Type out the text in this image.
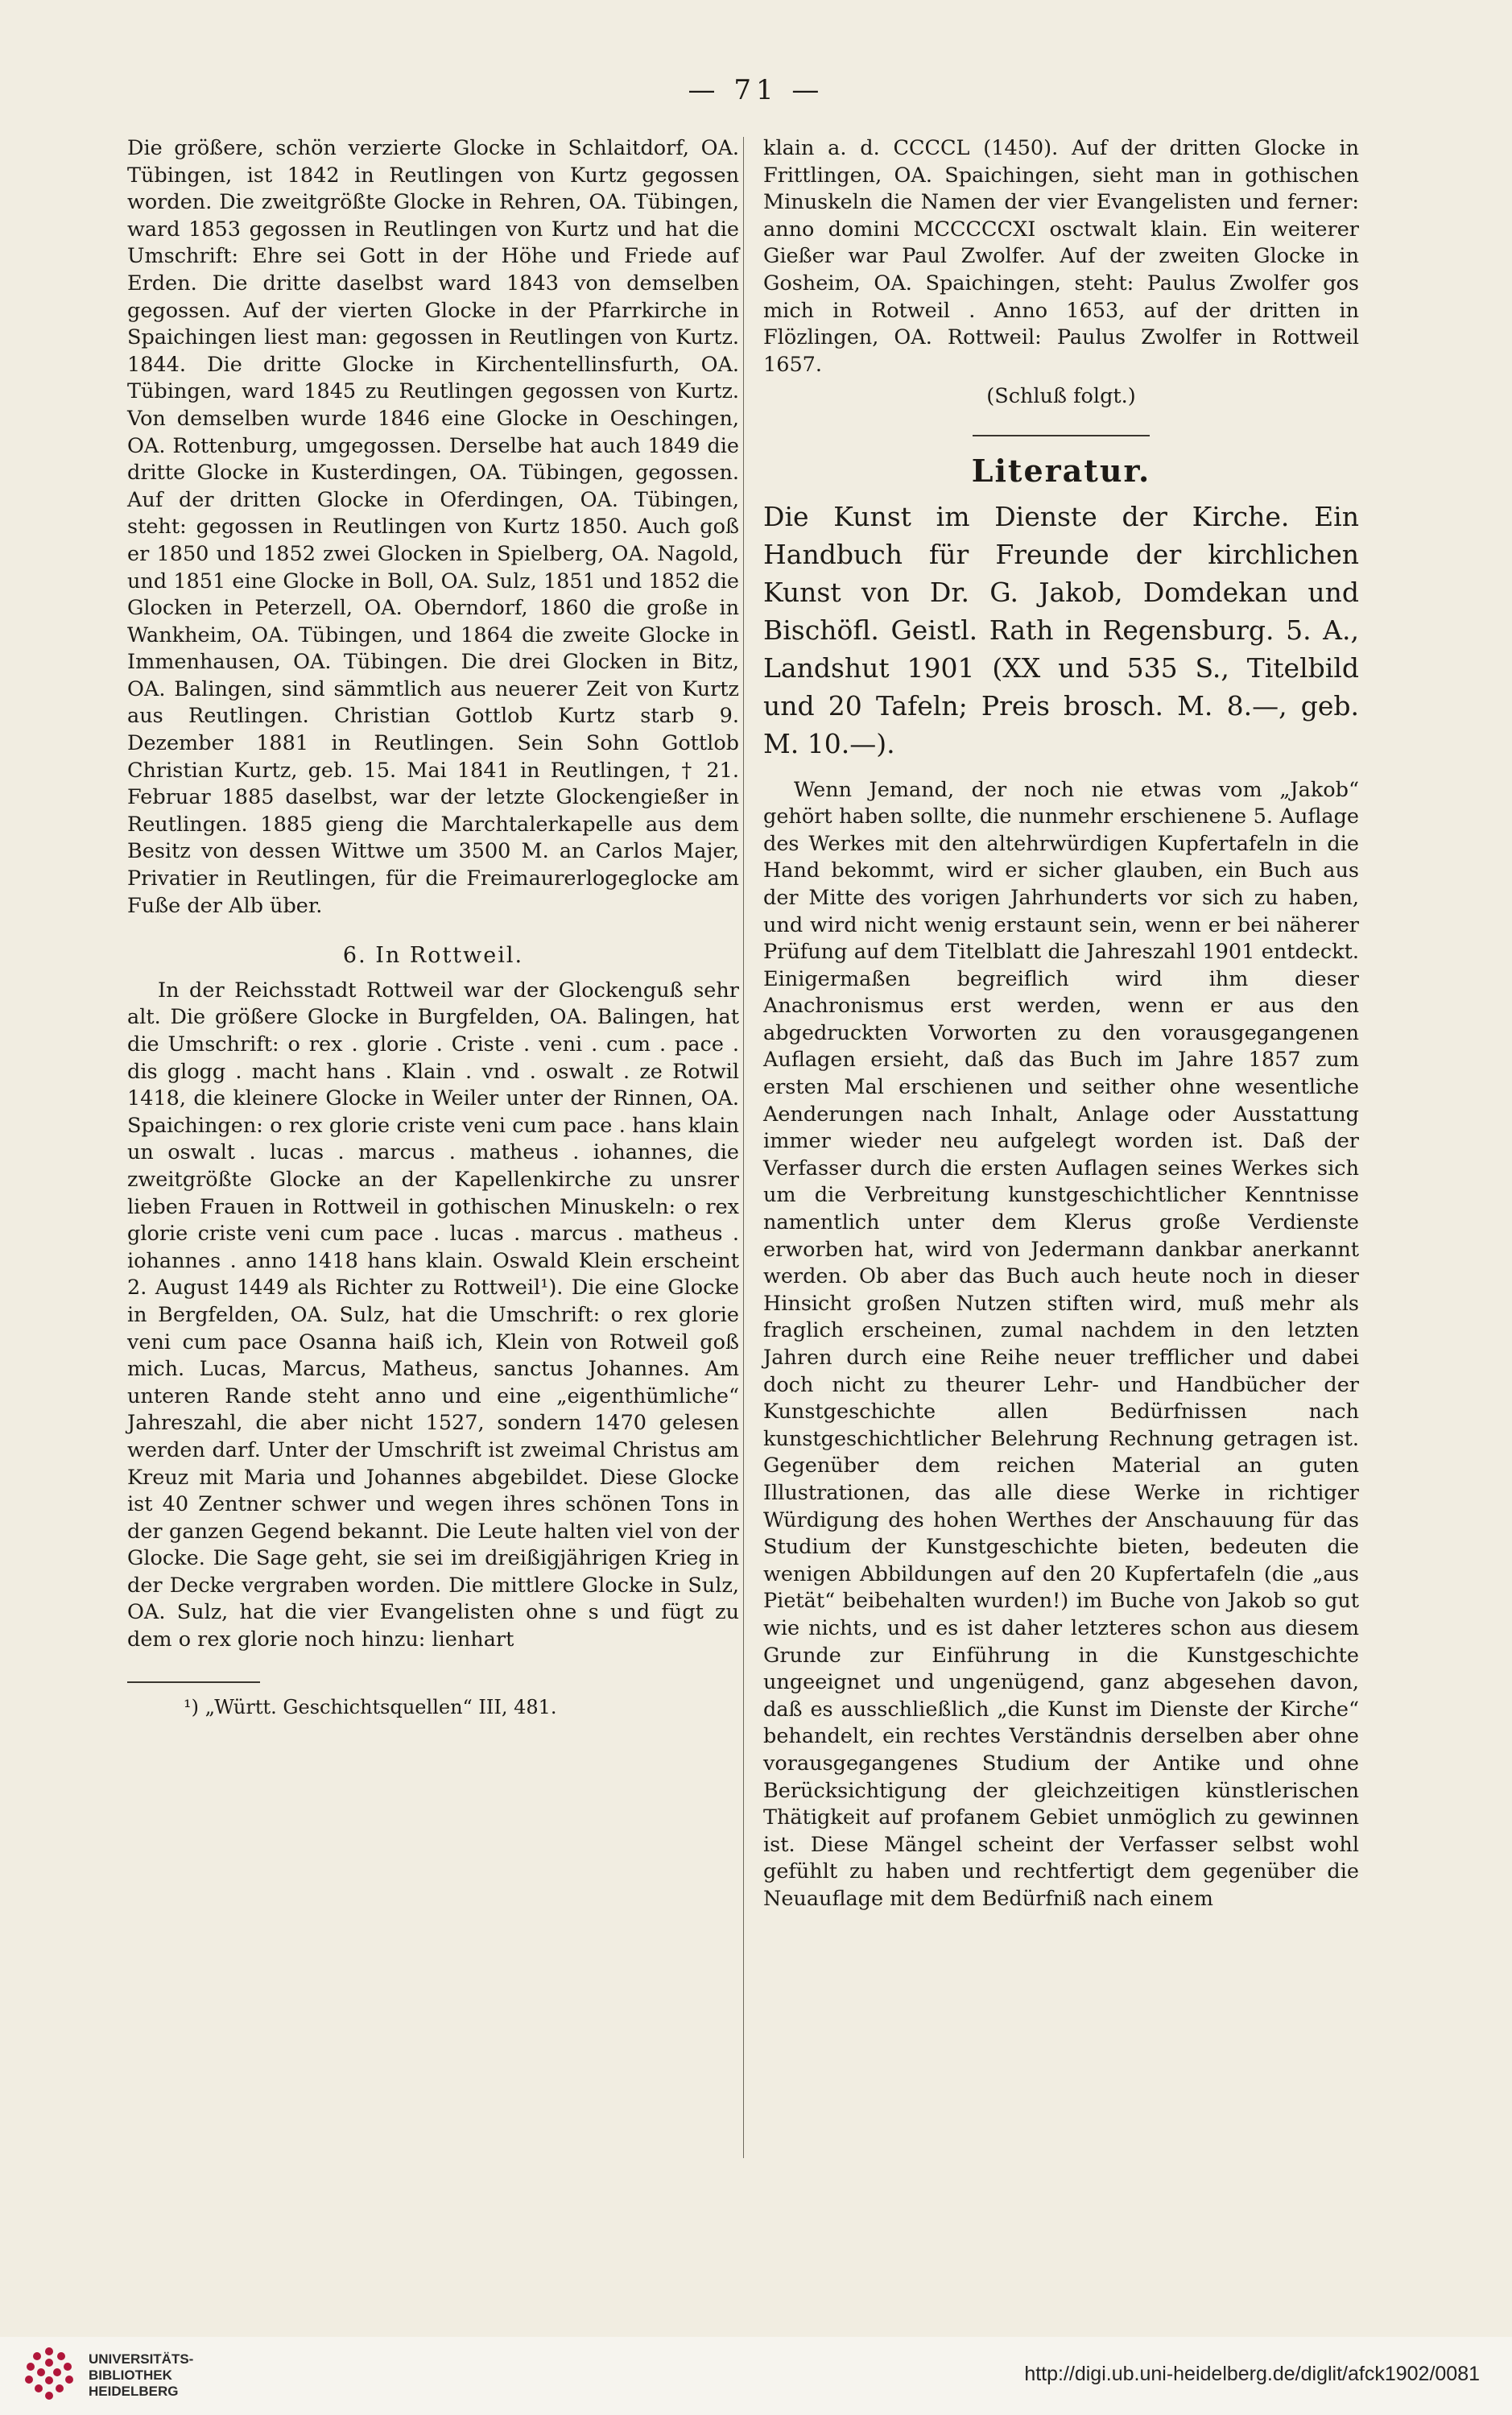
— 71 —

Die größere, schön verzierte Glocke in Schlaitdorf, OA. Tübingen, ist 1842 in Reutlingen von Kurtz gegossen worden. Die zweitgrößte Glocke in Rehren, OA. Tübingen, ward 1853 gegossen in Reutlingen von Kurtz und hat die Umschrift: Ehre sei Gott in der Höhe und Friede auf Erden. Die dritte daselbst ward 1843 von demselben gegossen. Auf der vierten Glocke in der Pfarrkirche in Spaichingen liest man: gegossen in Reutlingen von Kurtz. 1844. Die dritte Glocke in Kirchentellinsfurth, OA. Tübingen, ward 1845 zu Reutlingen gegossen von Kurtz. Von demselben wurde 1846 eine Glocke in Oeschingen, OA. Rottenburg, umgegossen. Derselbe hat auch 1849 die dritte Glocke in Kusterdingen, OA. Tübingen, gegossen. Auf der dritten Glocke in Oferdingen, OA. Tübingen, steht: gegossen in Reutlingen von Kurtz 1850. Auch goß er 1850 und 1852 zwei Glocken in Spielberg, OA. Nagold, und 1851 eine Glocke in Boll, OA. Sulz, 1851 und 1852 die Glocken in Peterzell, OA. Oberndorf, 1860 die große in Wankheim, OA. Tübingen, und 1864 die zweite Glocke in Immenhausen, OA. Tübingen. Die drei Glocken in Bitz, OA. Balingen, sind sämmtlich aus neuerer Zeit von Kurtz aus Reutlingen. Christian Gottlob Kurtz starb 9. Dezember 1881 in Reutlingen. Sein Sohn Gottlob Christian Kurtz, geb. 15. Mai 1841 in Reutlingen, † 21. Februar 1885 daselbst, war der letzte Glockengießer in Reutlingen. 1885 gieng die Marchtalerkapelle aus dem Besitz von dessen Wittwe um 3500 M. an Carlos Majer, Privatier in Reutlingen, für die Freimaurerlogeglocke am Fuße der Alb über.

6. In Rottweil.

In der Reichsstadt Rottweil war der Glockenguß sehr alt. Die größere Glocke in Burgfelden, OA. Balingen, hat die Umschrift: o rex . glorie . Criste . veni . cum . pace . dis glogg . macht hans . Klain . vnd . oswalt . ze Rotwil 1418, die kleinere Glocke in Weiler unter der Rinnen, OA. Spaichingen: o rex glorie criste veni cum pace . hans klain un oswalt . lucas . marcus . matheus . iohannes, die zweitgrößte Glocke an der Kapellenkirche zu unsrer lieben Frauen in Rottweil in gothischen Minuskeln: o rex glorie criste veni cum pace . lucas . marcus . matheus . iohannes . anno 1418 hans klain. Oswald Klein erscheint 2. August 1449 als Richter zu Rottweil¹). Die eine Glocke in Bergfelden, OA. Sulz, hat die Umschrift: o rex glorie veni cum pace Osanna haiß ich, Klein von Rotweil goß mich. Lucas, Marcus, Matheus, sanctus Johannes. Am unteren Rande steht anno und eine „eigenthümliche“ Jahreszahl, die aber nicht 1527, sondern 1470 gelesen werden darf. Unter der Umschrift ist zweimal Christus am Kreuz mit Maria und Johannes abgebildet. Diese Glocke ist 40 Zentner schwer und wegen ihres schönen Tons in der ganzen Gegend bekannt. Die Leute halten viel von der Glocke. Die Sage geht, sie sei im dreißigjährigen Krieg in der Decke vergraben worden. Die mittlere Glocke in Sulz, OA. Sulz, hat die vier Evangelisten ohne s und fügt zu dem o rex glorie noch hinzu: lienhart

¹) „Württ. Geschichtsquellen“ III, 481.

klain a. d. CCCCL (1450). Auf der dritten Glocke in Frittlingen, OA. Spaichingen, sieht man in gothischen Minuskeln die Namen der vier Evangelisten und ferner: anno domini MCCCCCXI osctwalt klain. Ein weiterer Gießer war Paul Zwolfer. Auf der zweiten Glocke in Gosheim, OA. Spaichingen, steht: Paulus Zwolfer gos mich in Rotweil . Anno 1653, auf der dritten in Flözlingen, OA. Rottweil: Paulus Zwolfer in Rottweil 1657.

(Schluß folgt.)
Literatur.
Die Kunst im Dienste der Kirche. Ein Handbuch für Freunde der kirchlichen Kunst von Dr. G. Jakob, Domdekan und Bischöfl. Geistl. Rath in Regensburg. 5. A., Landshut 1901 (XX und 535 S., Titelbild und 20 Tafeln; Preis brosch. M. 8.—, geb. M. 10.—).

Wenn Jemand, der noch nie etwas vom „Jakob“ gehört haben sollte, die nunmehr erschienene 5. Auflage des Werkes mit den altehrwürdigen Kupfertafeln in die Hand bekommt, wird er sicher glauben, ein Buch aus der Mitte des vorigen Jahrhunderts vor sich zu haben, und wird nicht wenig erstaunt sein, wenn er bei näherer Prüfung auf dem Titelblatt die Jahreszahl 1901 entdeckt. Einigermaßen begreiflich wird ihm dieser Anachronismus erst werden, wenn er aus den abgedruckten Vorworten zu den vorausgegangenen Auflagen ersieht, daß das Buch im Jahre 1857 zum ersten Mal erschienen und seither ohne wesentliche Aenderungen nach Inhalt, Anlage oder Ausstattung immer wieder neu aufgelegt worden ist. Daß der Verfasser durch die ersten Auflagen seines Werkes sich um die Verbreitung kunstgeschichtlicher Kenntnisse namentlich unter dem Klerus große Verdienste erworben hat, wird von Jedermann dankbar anerkannt werden. Ob aber das Buch auch heute noch in dieser Hinsicht großen Nutzen stiften wird, muß mehr als fraglich erscheinen, zumal nachdem in den letzten Jahren durch eine Reihe neuer trefflicher und dabei doch nicht zu theurer Lehr- und Handbücher der Kunstgeschichte allen Bedürfnissen nach kunstgeschichtlicher Belehrung Rechnung getragen ist. Gegenüber dem reichen Material an guten Illustrationen, das alle diese Werke in richtiger Würdigung des hohen Werthes der Anschauung für das Studium der Kunstgeschichte bieten, bedeuten die wenigen Abbildungen auf den 20 Kupfertafeln (die „aus Pietät“ beibehalten wurden!) im Buche von Jakob so gut wie nichts, und es ist daher letzteres schon aus diesem Grunde zur Einführung in die Kunstgeschichte ungeeignet und ungenügend, ganz abgesehen davon, daß es ausschließlich „die Kunst im Dienste der Kirche“ behandelt, ein rechtes Verständnis derselben aber ohne vorausgegangenes Studium der Antike und ohne Berücksichtigung der gleichzeitigen künstlerischen Thätigkeit auf profanem Gebiet unmöglich zu gewinnen ist. Diese Mängel scheint der Verfasser selbst wohl gefühlt zu haben und rechtfertigt dem gegenüber die Neuauflage mit dem Bedürfniß nach einem

UNIVERSITÄTS-
BIBLIOTHEK
HEIDELBERG
http://digi.ub.uni-heidelberg.de/diglit/afck1902/0081
